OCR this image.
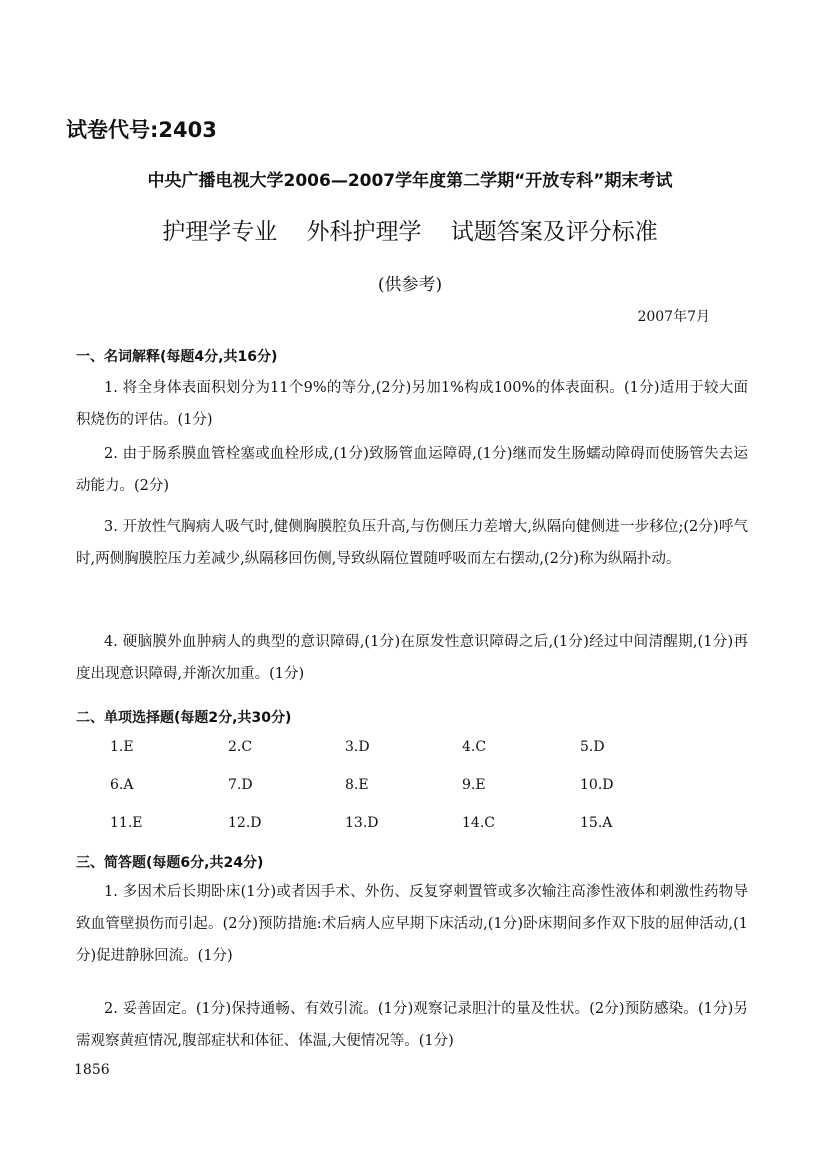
试卷代号:2403
中央广播电视大学2006—2007学年度第二学期“开放专科”期末考试
护理学专业 外科护理学 试题答案及评分标准
(供参考)
2007年7月
一、名词解释(每题4分,共16分)
1. 将全身体表面积划分为11个9%的等分,(2分)另加1%构成100%的体表面积。(1分)适用于较大面积烧伤的评估。(1分)
2. 由于肠系膜血管栓塞或血栓形成,(1分)致肠管血运障碍,(1分)继而发生肠蠕动障碍而使肠管失去运动能力。(2分)
3. 开放性气胸病人吸气时,健侧胸膜腔负压升高,与伤侧压力差增大,纵隔向健侧进一步移位;(2分)呼气时,两侧胸膜腔压力差减少,纵隔移回伤侧,导致纵隔位置随呼吸而左右摆动,(2分)称为纵隔扑动。
4. 硬脑膜外血肿病人的典型的意识障碍,(1分)在原发性意识障碍之后,(1分)经过中间清醒期,(1分)再度出现意识障碍,并渐次加重。(1分)
二、单项选择题(每题2分,共30分)
1.E	2.C	3.D	4.C	5.D
6.A	7.D	8.E	9.E	10.D
11.E	12.D	13.D	14.C	15.A
三、简答题(每题6分,共24分)
1. 多因术后长期卧床(1分)或者因手术、外伤、反复穿刺置管或多次输注高渗性液体和刺激性药物导致血管壁损伤而引起。(2分)预防措施:术后病人应早期下床活动,(1分)卧床期间多作双下肢的屈伸活动,(1分)促进静脉回流。(1分)
2. 妥善固定。(1分)保持通畅、有效引流。(1分)观察记录胆汁的量及性状。(2分)预防感染。(1分)另需观察黄疸情况,腹部症状和体征、体温,大便情况等。(1分)
1856
